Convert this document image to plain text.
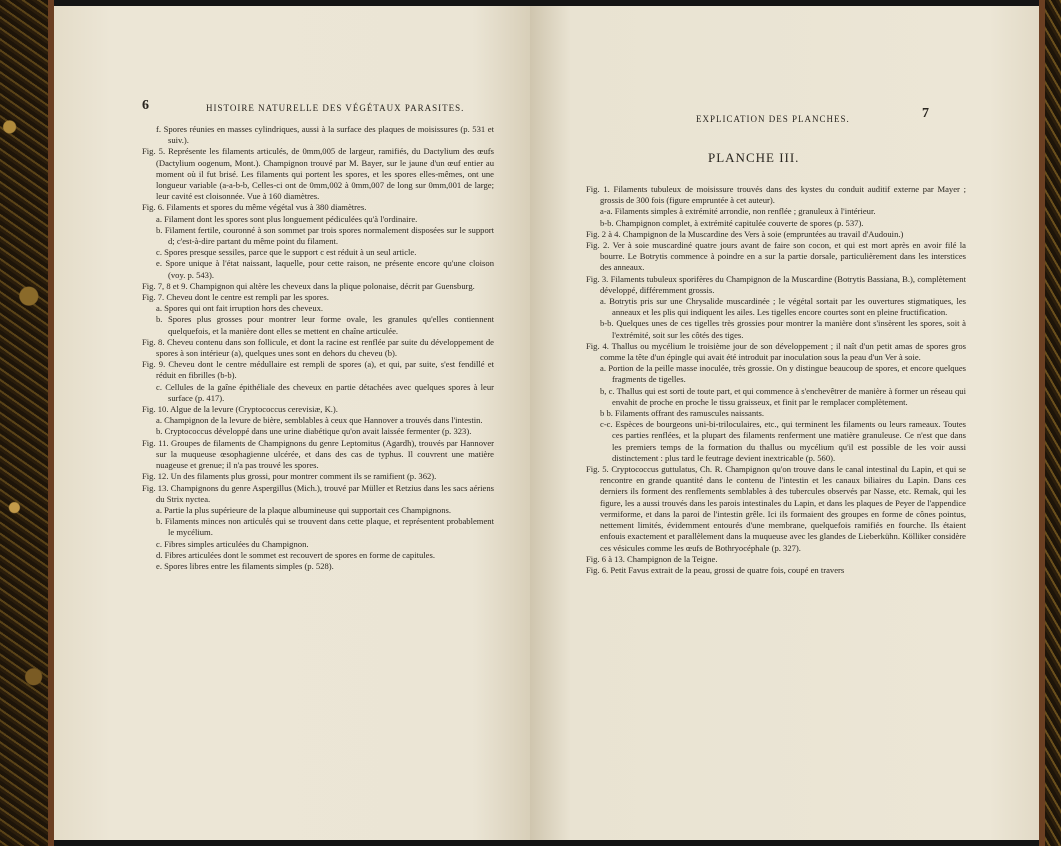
6	HISTOIRE NATURELLE DES VÉGÉTAUX PARASITES.

f. Spores réunies en masses cylindriques, aussi à la surface des plaques de moisissures (p. 531 et suiv.).

Fig. 5. Représente les filaments articulés, de 0mm,005 de largeur, ramifiés, du Dactylium des œufs (Dactylium oogenum, Mont.). Champignon trouvé par M. Bayer, sur le jaune d'un œuf entier au moment où il fut brisé. Les filaments qui portent les spores, et les spores elles-mêmes, ont une longueur variable (a-a-b-b, Celles-ci ont de 0mm,002 à 0mm,007 de long sur 0mm,001 de large; leur cavité est cloisonnée. Vue à 160 diamètres.

Fig. 6. Filaments et spores du même végétal vus à 380 diamètres.

a. Filament dont les spores sont plus longuement pédiculées qu'à l'ordinaire.

b. Filament fertile, couronné à son sommet par trois spores normalement disposées sur le support d; c'est-à-dire partant du même point du filament.

c. Spores presque sessiles, parce que le support c est réduit à un seul article.

e. Spore unique à l'état naissant, laquelle, pour cette raison, ne présente encore qu'une cloison (voy. p. 543).

Fig. 7, 8 et 9. Champignon qui altère les cheveux dans la plique polonaise, décrit par Guensburg.

Fig. 7. Cheveu dont le centre est rempli par les spores.

a. Spores qui ont fait irruption hors des cheveux.

b. Spores plus grosses pour montrer leur forme ovale, les granules qu'elles contiennent quelquefois, et la manière dont elles se mettent en chaîne articulée.

Fig. 8. Cheveu contenu dans son follicule, et dont la racine est renflée par suite du développement de spores à son intérieur (a), quelques unes sont en dehors du cheveu (b).

Fig. 9. Cheveu dont le centre médullaire est rempli de spores (a), et qui, par suite, s'est fendillé et réduit en fibrilles (b-b).

c. Cellules de la gaîne épithéliale des cheveux en partie détachées avec quelques spores à leur surface (p. 417).

Fig. 10. Algue de la levure (Cryptococcus cerevisiæ, K.).

a. Champignon de la levure de bière, semblables à ceux que Hannover a trouvés dans l'intestin.

b. Cryptococcus développé dans une urine diabétique qu'on avait laissée fermenter (p. 323).

Fig. 11. Groupes de filaments de Champignons du genre Leptomitus (Agardh), trouvés par Hannover sur la muqueuse œsophagienne ulcérée, et dans des cas de typhus. Il couvrent une matière nuageuse et grenue; il n'a pas trouvé les spores.

Fig. 12. Un des filaments plus grossi, pour montrer comment ils se ramifient (p. 362).

Fig. 13. Champignons du genre Aspergillus (Mich.), trouvé par Müller et Retzius dans les sacs aériens du Strix nyctea.

a. Partie la plus supérieure de la plaque albumineuse qui supportait ces Champignons.

b. Filaments minces non articulés qui se trouvent dans cette plaque, et représentent probablement le mycélium.

c. Fibres simples articulées du Champignon.

d. Fibres articulées dont le sommet est recouvert de spores en forme de capitules.

e. Spores libres entre les filaments simples (p. 528).

EXPLICATION DES PLANCHES.	7
PLANCHE III.

Fig. 1. Filaments tubuleux de moisissure trouvés dans des kystes du conduit auditif externe par Mayer ; grossis de 300 fois (figure empruntée à cet auteur).

a-a. Filaments simples à extrémité arrondie, non renflée ; granuleux à l'intérieur.

b-b. Champignon complet, à extrémité capitulée couverte de spores (p. 537).

Fig. 2 à 4. Champignon de la Muscardine des Vers à soie (empruntées au travail d'Audouin.)

Fig. 2. Ver à soie muscardiné quatre jours avant de faire son cocon, et qui est mort après en avoir filé la bourre. Le Botrytis commence à poindre en a sur la partie dorsale, particulièrement dans les interstices des anneaux.

Fig. 3. Filaments tubuleux sporifères du Champignon de la Muscardine (Botrytis Bassiana, B.), complètement développé, différemment grossis.

a. Botrytis pris sur une Chrysalide muscardinée ; le végétal sortait par les ouvertures stigmatiques, les anneaux et les plis qui indiquent les ailes. Les tigelles encore courtes sont en pleine fructification.

b-b. Quelques unes de ces tigelles très grossies pour montrer la manière dont s'insèrent les spores, soit à l'extrémité, soit sur les côtés des tiges.

Fig. 4. Thallus ou mycélium le troisième jour de son développement ; il naît d'un petit amas de spores gros comme la tête d'un épingle qui avait été introduit par inoculation sous la peau d'un Ver à soie.

a. Portion de la peille masse inoculée, très grossie. On y distingue beaucoup de spores, et encore quelques fragments de tigelles.

b, c. Thallus qui est sorti de toute part, et qui commence à s'enchevêtrer de manière à former un réseau qui envahit de proche en proche le tissu graisseux, et finit par le remplacer complètement.

b b. Filaments offrant des ramuscules naissants.

c-c. Espèces de bourgeons uni-bi-triloculaires, etc., qui terminent les filaments ou leurs rameaux. Toutes ces parties renflées, et la plupart des filaments renferment une matière granuleuse. Ce n'est que dans les premiers temps de la formation du thallus ou mycélium qu'il est possible de les voir aussi distinctement : plus tard le feutrage devient inextricable (p. 560).

Fig. 5. Cryptococcus guttulatus, Ch. R. Champignon qu'on trouve dans le canal intestinal du Lapin, et qui se rencontre en grande quantité dans le contenu de l'intestin et les canaux biliaires du Lapin. Dans ces derniers ils forment des renflements semblables à des tubercules observés par Nasse, etc. Remak, qui les figure, les a aussi trouvés dans les parois intestinales du Lapin, et dans les plaques de Peyer de l'appendice vermiforme, et dans la paroi de l'intestin grêle. Ici ils formaient des groupes en forme de cônes pointus, nettement limités, évidemment entourés d'une membrane, quelquefois ramifiés en fourche. Ils étaient enfouis exactement et parallèlement dans la muqueuse avec les glandes de Lieberkühn. Kölliker considère ces vésicules comme les œufs de Bothryocéphale (p. 327).

Fig. 6 à 13. Champignon de la Teigne.

Fig. 6. Petit Favus extrait de la peau, grossi de quatre fois, coupé en travers
